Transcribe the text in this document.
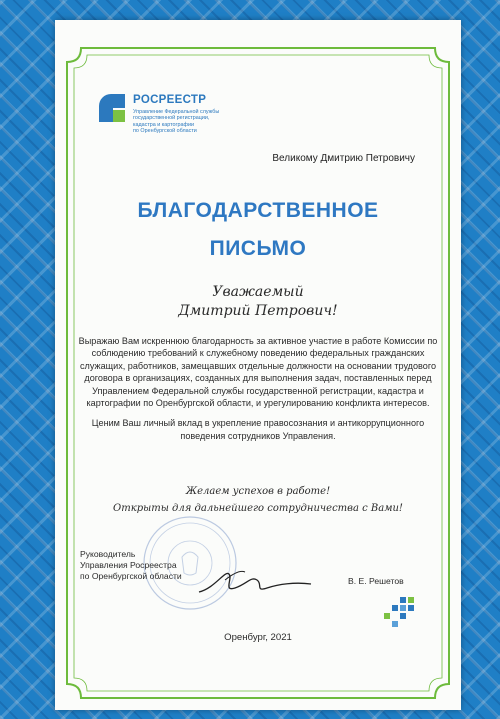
РОСРЕЕСТР
Управление Федеральной службы
государственной регистрации,
кадастра и картографии
по Оренбургской области
Великому Дмитрию Петровичу
БЛАГОДАРСТВЕННОЕ
ПИСЬМО
Уважаемый
Дмитрий Петрович!

Выражаю Вам искреннюю благодарность за активное участие в работе Комиссии по соблюдению требований к служебному поведению федеральных гражданских служащих, работников, замещавших отдельные должности на основании трудового договора в организациях, созданных для выполнения задач, поставленных перед Управлением Федеральной службы государственной регистрации, кадастра и картографии по Оренбургской области, и урегулированию конфликта интересов.

Ценим Ваш личный вклад в укрепление правосознания и антикоррупционного поведения сотрудников Управления.

Желаем успехов в работе!
Открыты для дальнейшего сотрудничества с Вами!
Руководитель
Управления Росреестра
по Оренбургской области	В. Е. Решетов
Оренбург, 2021
